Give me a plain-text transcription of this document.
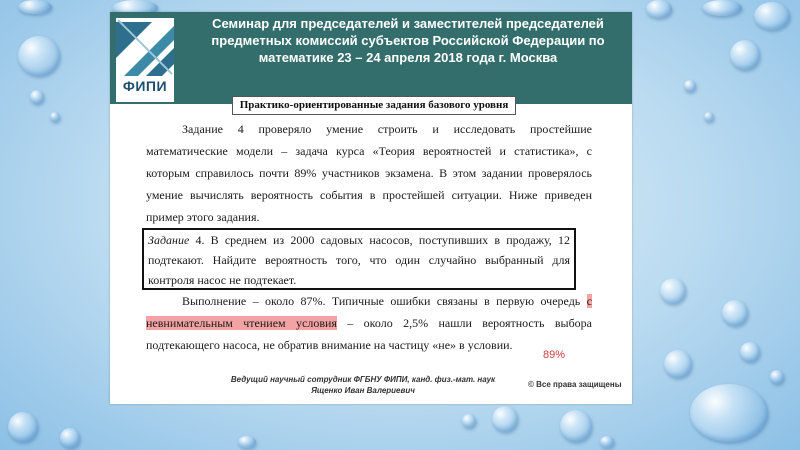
ФИПИ

Семинар для председателей и заместителей председателей
предметных комиссий субъектов Российской Федерации по
математике 23 – 24 апреля 2018 года г. Москва

Практико-ориентированные задания базового уровня

Задание 4 проверяло умение строить и исследовать простейшие математические модели – задача курса «Теория вероятностей и статистика», с которым справилось почти 89% участников экзамена. В этом задании проверялось умение вычислять вероятность события в простейшей ситуации. Ниже приведен пример этого задания.

Задание 4. В среднем из 2000 садовых насосов, поступивших в продажу, 12 подтекают. Найдите вероятность того, что один случайно выбранный для контроля насос не подтекает.

Выполнение – около 87%. Типичные ошибки связаны в первую очередь с невнимательным чтением условия – около 2,5% нашли вероятность выбора подтекающего насоса, не обратив внимание на частицу «не» в условии.

89%
Ведущий научный сотрудник ФГБНУ ФИПИ, канд. физ.-мат. наук
Ященко Иван Валериевич
© Все права защищены
